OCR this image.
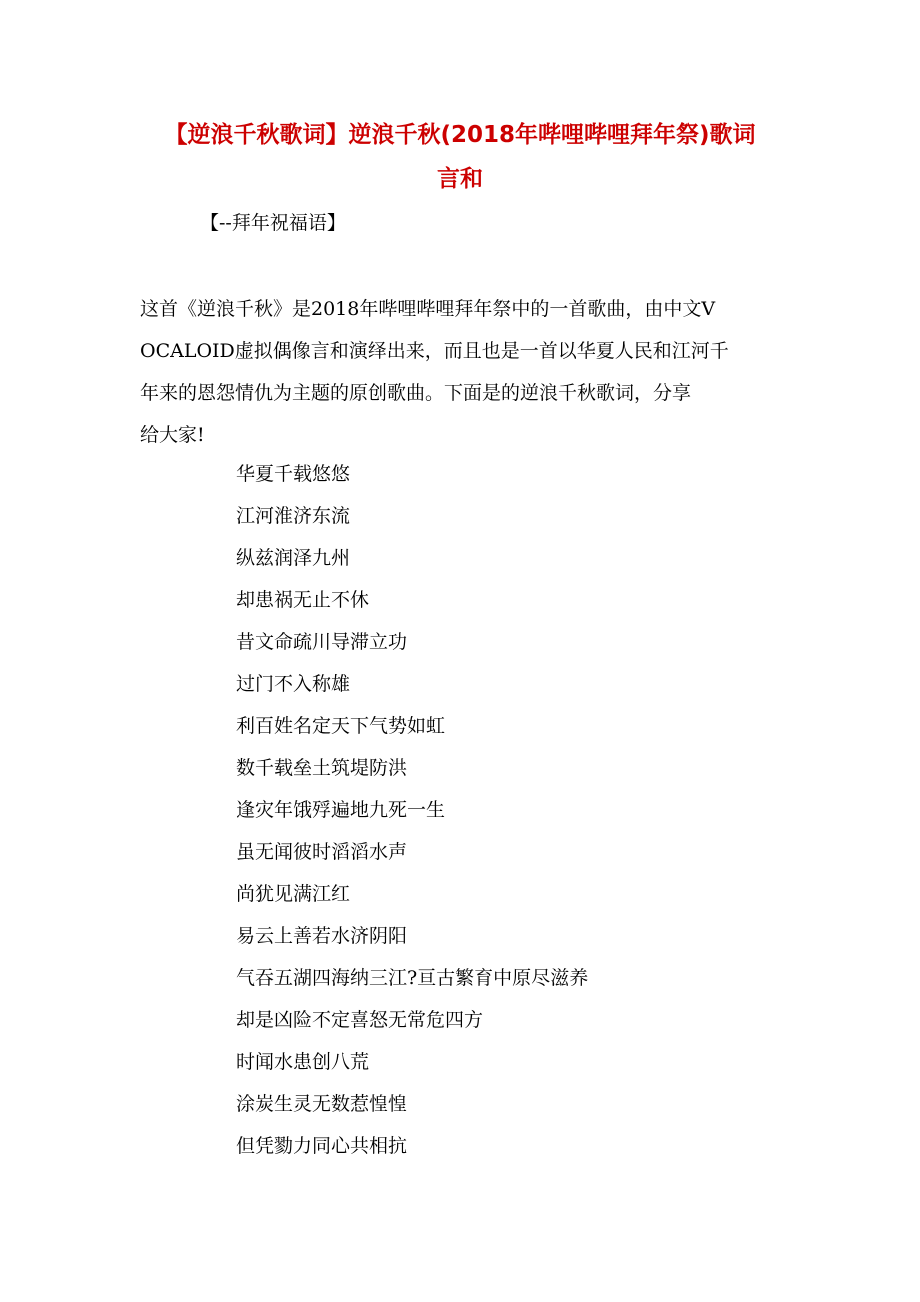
【逆浪千秋歌词】逆浪千秋(2018年哔哩哔哩拜年祭)歌词
言和
【--拜年祝福语】
这首《逆浪千秋》是2018年哔哩哔哩拜年祭中的一首歌曲，由中文V
OCALOID虚拟偶像言和演绎出来，而且也是一首以华夏人民和江河千
年来的恩怨情仇为主题的原创歌曲。下面是的逆浪千秋歌词，分享
给大家!
华夏千载悠悠
江河淮济东流
纵兹润泽九州
却患祸无止不休
昔文命疏川导滞立功
过门不入称雄
利百姓名定天下气势如虹
数千载垒土筑堤防洪
逢灾年饿殍遍地九死一生
虽无闻彼时滔滔水声
尚犹见满江红
易云上善若水济阴阳
气吞五湖四海纳三江?亘古繁育中原尽滋养
却是凶险不定喜怒无常危四方
时闻水患创八荒
涂炭生灵无数惹惶惶
但凭勠力同心共相抗
